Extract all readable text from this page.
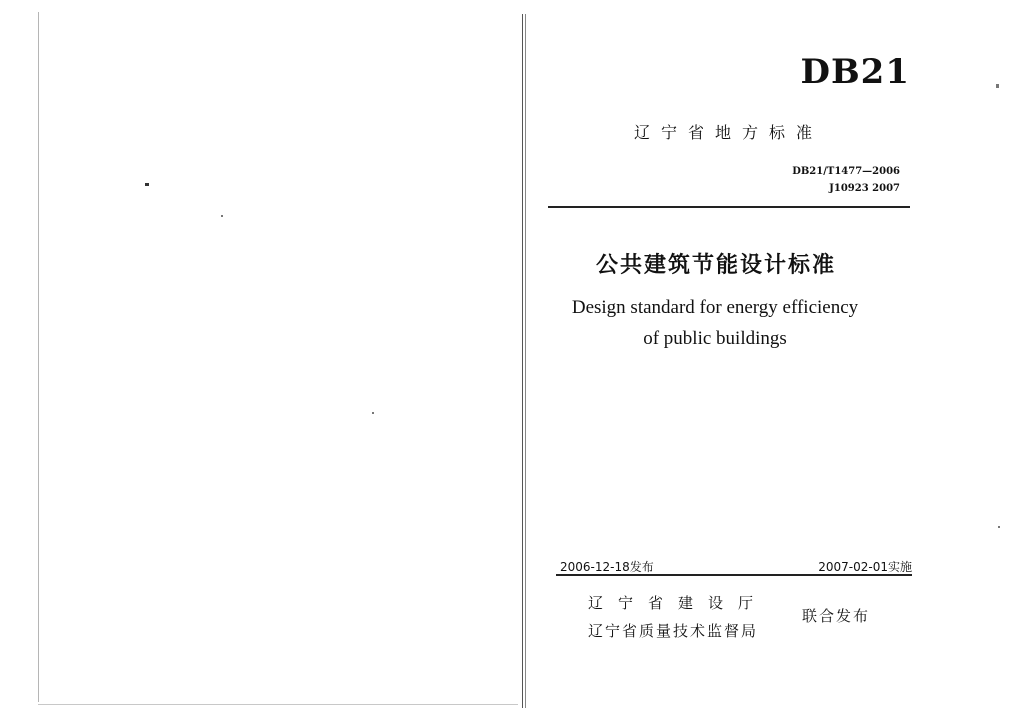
DB21
辽宁省地方标准
DB21/T1477—2006
J10923 2007
公共建筑节能设计标准
Design standard for energy efficiency
of public buildings
2006-12-18发布	2007-02-01实施
辽宁省建设厅
辽宁省质量技术监督局
联合发布
